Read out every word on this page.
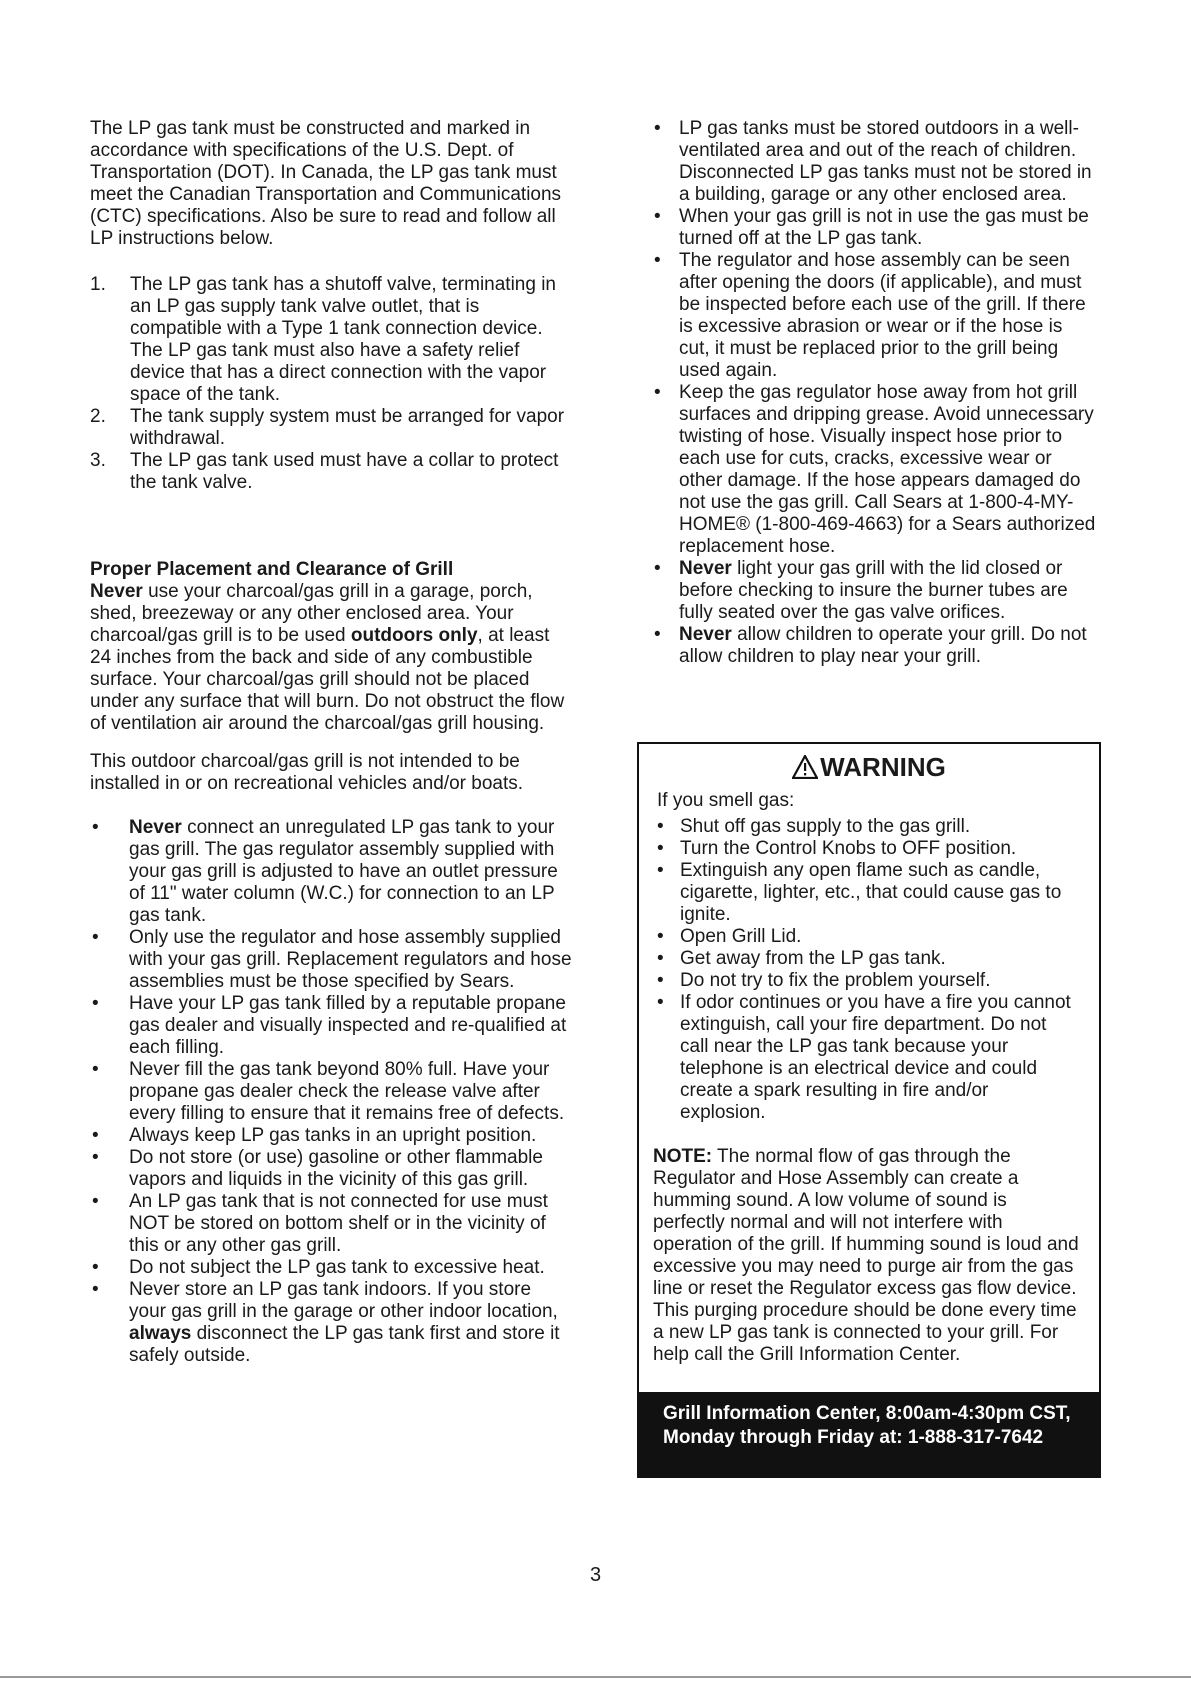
The LP gas tank must be constructed and marked in accordance with specifications of the U.S. Dept. of Transportation (DOT). In Canada, the LP gas tank must meet the Canadian Transportation and Communications (CTC) specifications. Also be sure to read and follow all LP instructions below.

1. The LP gas tank has a shutoff valve, terminating in an LP gas supply tank valve outlet, that is compatible with a Type 1 tank connection device. The LP gas tank must also have a safety relief device that has a direct connection with the vapor space of the tank.
2. The tank supply system must be arranged for vapor withdrawal.
3. The LP gas tank used must have a collar to protect the tank valve.

Proper Placement and Clearance of Grill

Never use your charcoal/gas grill in a garage, porch, shed, breezeway or any other enclosed area. Your charcoal/gas grill is to be used outdoors only, at least 24 inches from the back and side of any combustible surface. Your charcoal/gas grill should not be placed under any surface that will burn. Do not obstruct the flow of ventilation air around the charcoal/gas grill housing.

This outdoor charcoal/gas grill is not intended to be installed in or on recreational vehicles and/or boats.

• Never connect an unregulated LP gas tank to your gas grill. The gas regulator assembly supplied with your gas grill is adjusted to have an outlet pressure of 11" water column (W.C.) for connection to an LP gas tank.
• Only use the regulator and hose assembly supplied with your gas grill. Replacement regulators and hose assemblies must be those specified by Sears.
• Have your LP gas tank filled by a reputable propane gas dealer and visually inspected and re-qualified at each filling.
• Never fill the gas tank beyond 80% full. Have your propane gas dealer check the release valve after every filling to ensure that it remains free of defects.
• Always keep LP gas tanks in an upright position.
• Do not store (or use) gasoline or other flammable vapors and liquids in the vicinity of this gas grill.
• An LP gas tank that is not connected for use must NOT be stored on bottom shelf or in the vicinity of this or any other gas grill.
• Do not subject the LP gas tank to excessive heat.
• Never store an LP gas tank indoors. If you store your gas grill in the garage or other indoor location, always disconnect the LP gas tank first and store it safely outside.
• LP gas tanks must be stored outdoors in a well-ventilated area and out of the reach of children. Disconnected LP gas tanks must not be stored in a building, garage or any other enclosed area.
• When your gas grill is not in use the gas must be turned off at the LP gas tank.
• The regulator and hose assembly can be seen after opening the doors (if applicable), and must be inspected before each use of the grill. If there is excessive abrasion or wear or if the hose is cut, it must be replaced prior to the grill being used again.
• Keep the gas regulator hose away from hot grill surfaces and dripping grease. Avoid unnecessary twisting of hose. Visually inspect hose prior to each use for cuts, cracks, excessive wear or other damage. If the hose appears damaged do not use the gas grill. Call Sears at 1-800-4-MY-HOME® (1-800-469-4663) for a Sears authorized replacement hose.
• Never light your gas grill with the lid closed or before checking to insure the burner tubes are fully seated over the gas valve orifices.
• Never allow children to operate your grill. Do not allow children to play near your grill.
WARNING

If you smell gas:

• Shut off gas supply to the gas grill.
• Turn the Control Knobs to OFF position.
• Extinguish any open flame such as candle, cigarette, lighter, etc., that could cause gas to ignite.
• Open Grill Lid.
• Get away from the LP gas tank.
• Do not try to fix the problem yourself.
• If odor continues or you have a fire you cannot extinguish, call your fire department. Do not call near the LP gas tank because your telephone is an electrical device and could create a spark resulting in fire and/or explosion.

NOTE: The normal flow of gas through the Regulator and Hose Assembly can create a humming sound. A low volume of sound is perfectly normal and will not interfere with operation of the grill. If humming sound is loud and excessive you may need to purge air from the gas line or reset the Regulator excess gas flow device. This purging procedure should be done every time a new LP gas tank is connected to your grill. For help call the Grill Information Center.

Grill Information Center, 8:00am-4:30pm CST, Monday through Friday at: 1-888-317-7642
3
